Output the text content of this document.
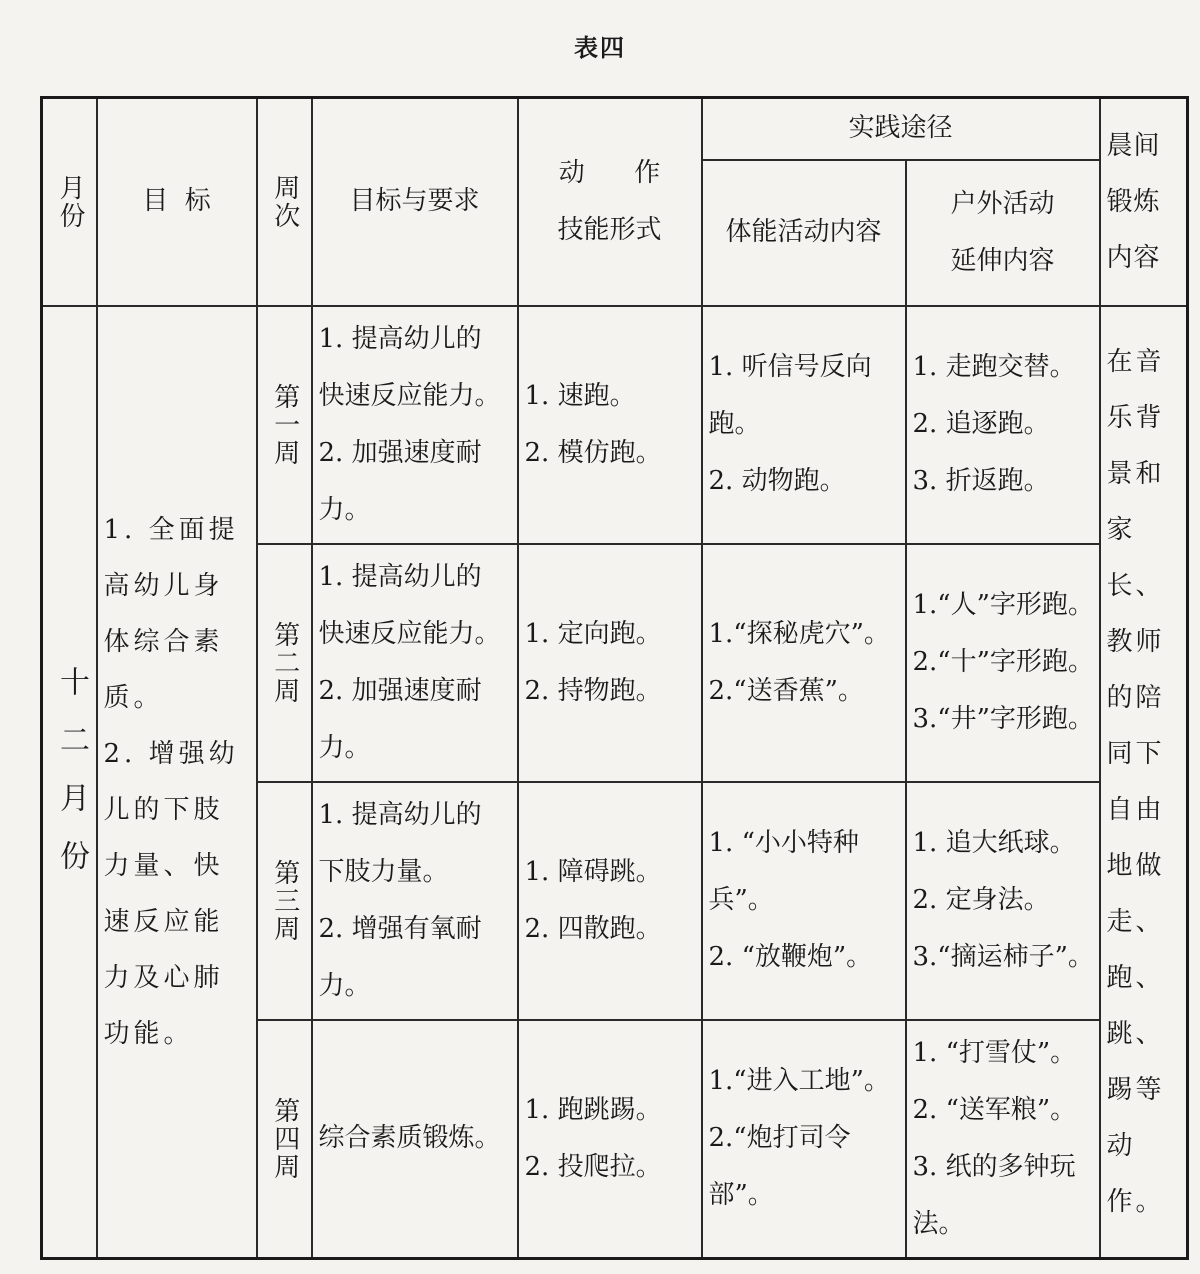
表四
月份	目  标	周次	目标与要求	动      作
技能形式	实践途径		晨间锻炼内容

					体能活动内容	户外活动
延伸内容	

十二月份	1. 全面提高幼儿身体综合素质。
2. 增强幼儿的下肢力量、快速反应能力及心肺功能。	第一周	1. 提高幼儿的
快速反应能力。
2. 加强速度耐
力。	1. 速跑。
2. 模仿跑。	1. 听信号反向
跑。
2. 动物跑。	1. 走跑交替。
2. 追逐跑。
3. 折返跑。	在音乐背景和家长、教师的陪同下自由地做走、跑、跳、踢等动作。

		第二周	1. 提高幼儿的
快速反应能力。
2. 加强速度耐
力。	1. 定向跑。
2. 持物跑。	1.“探秘虎穴”。
2.“送香蕉”。	1.“人”字形跑。
2.“十”字形跑。
3.“井”字形跑。	

		第三周	1. 提高幼儿的
下肢力量。
2. 增强有氧耐
力。	1. 障碍跳。
2. 四散跑。	1. “小小特种
兵”。
2. “放鞭炮”。	1. 追大纸球。
2. 定身法。
3.“摘运柿子”。	

		第四周	综合素质锻炼。	1. 跑跳踢。
2. 投爬拉。	1.“进入工地”。
2.“炮打司令
部”。	1. “打雪仗”。
2. “送军粮”。
3. 纸的多钟玩
法。	
